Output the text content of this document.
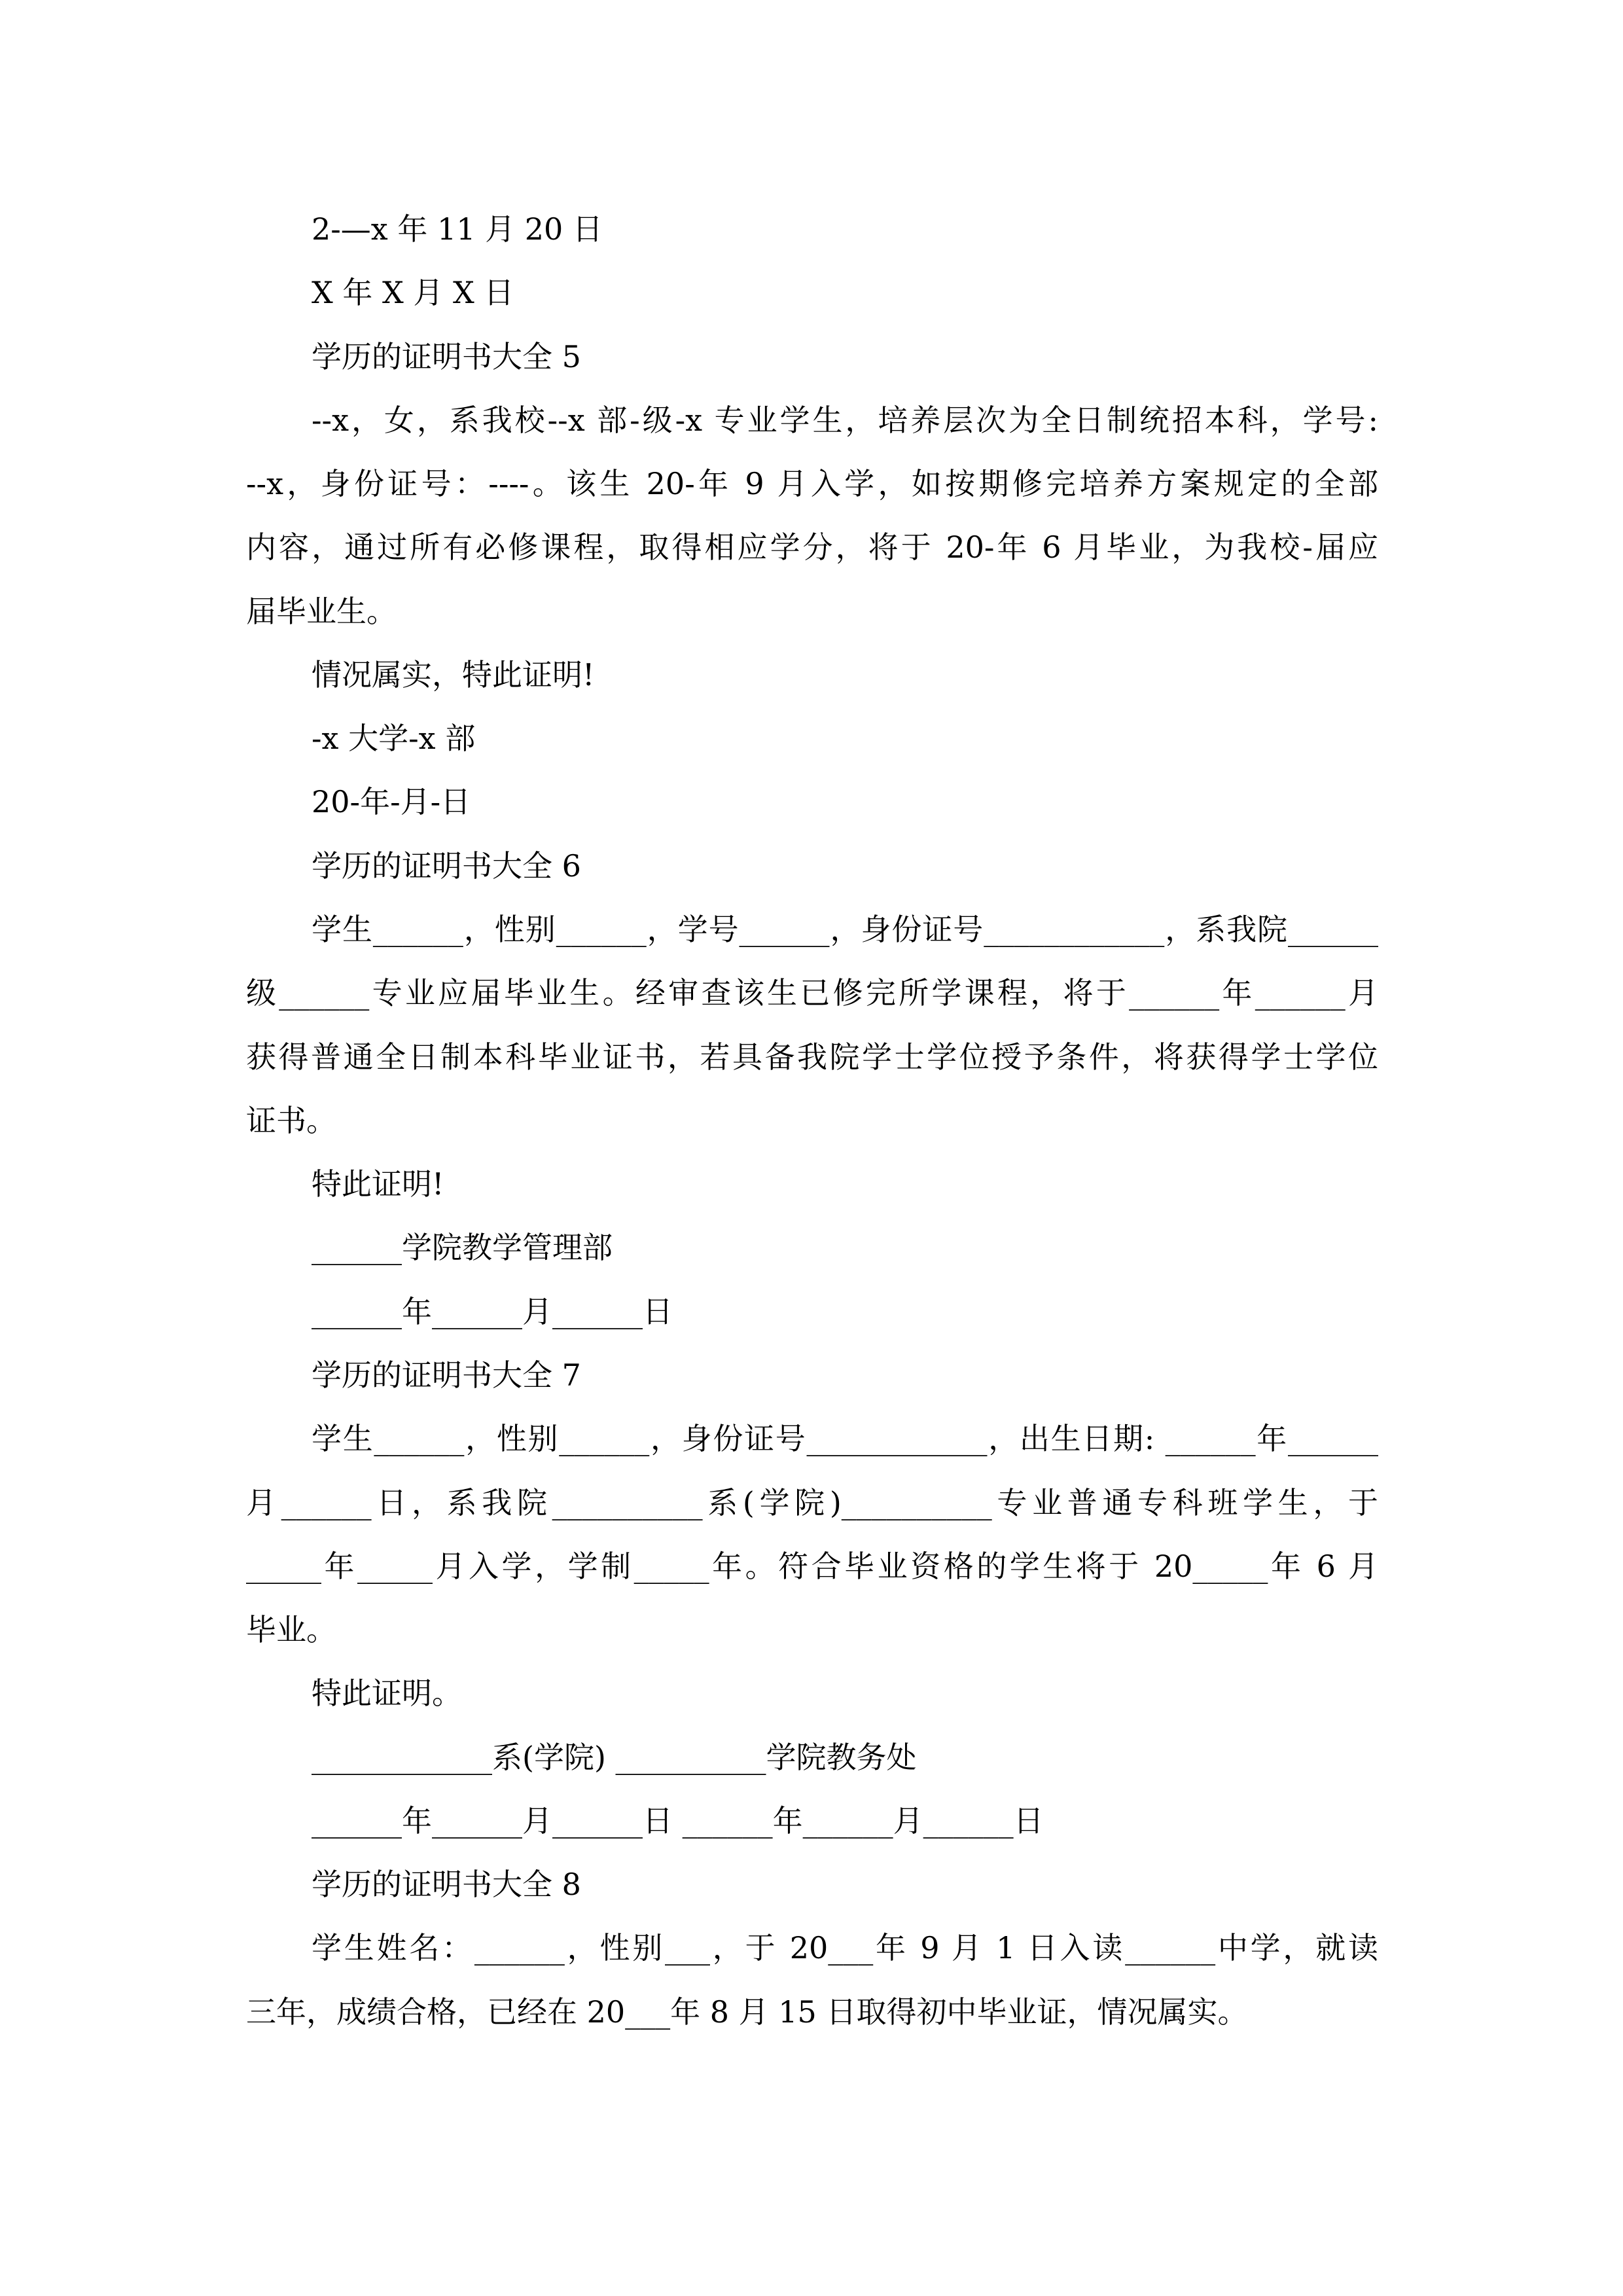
2-—x 年 11 月 20 日
X 年 X 月 X 日
学历的证明书大全 5
--x，女，系我校--x 部-级-x 专业学生，培养层次为全日制统招本科，学号:
--x，身份证号：----。该生 20-年 9 月入学，如按期修完培养方案规定的全部
内容，通过所有必修课程，取得相应学分，将于 20-年 6 月毕业，为我校-届应
届毕业生。
情况属实，特此证明!
-x 大学-x 部
20-年-月-日
学历的证明书大全 6
学生______，性别______，学号______，身份证号____________，系我院______
级______专业应届毕业生。经审查该生已修完所学课程，将于______年______月
获得普通全日制本科毕业证书，若具备我院学士学位授予条件，将获得学士学位
证书。
特此证明!
______学院教学管理部
______年______月______日
学历的证明书大全 7
学生______，性别______，身份证号____________，出生日期: ______年______
月______日，系我院__________系(学院)__________专业普通专科班学生，于
_____年_____月入学，学制_____年。符合毕业资格的学生将于 20_____年 6 月
毕业。
特此证明。
____________系(学院) __________学院教务处
______年______月______日 ______年______月______日
学历的证明书大全 8
学生姓名：______，性别___，于 20___年 9 月 1 日入读______中学，就读
三年，成绩合格，已经在 20___年 8 月 15 日取得初中毕业证，情况属实。
